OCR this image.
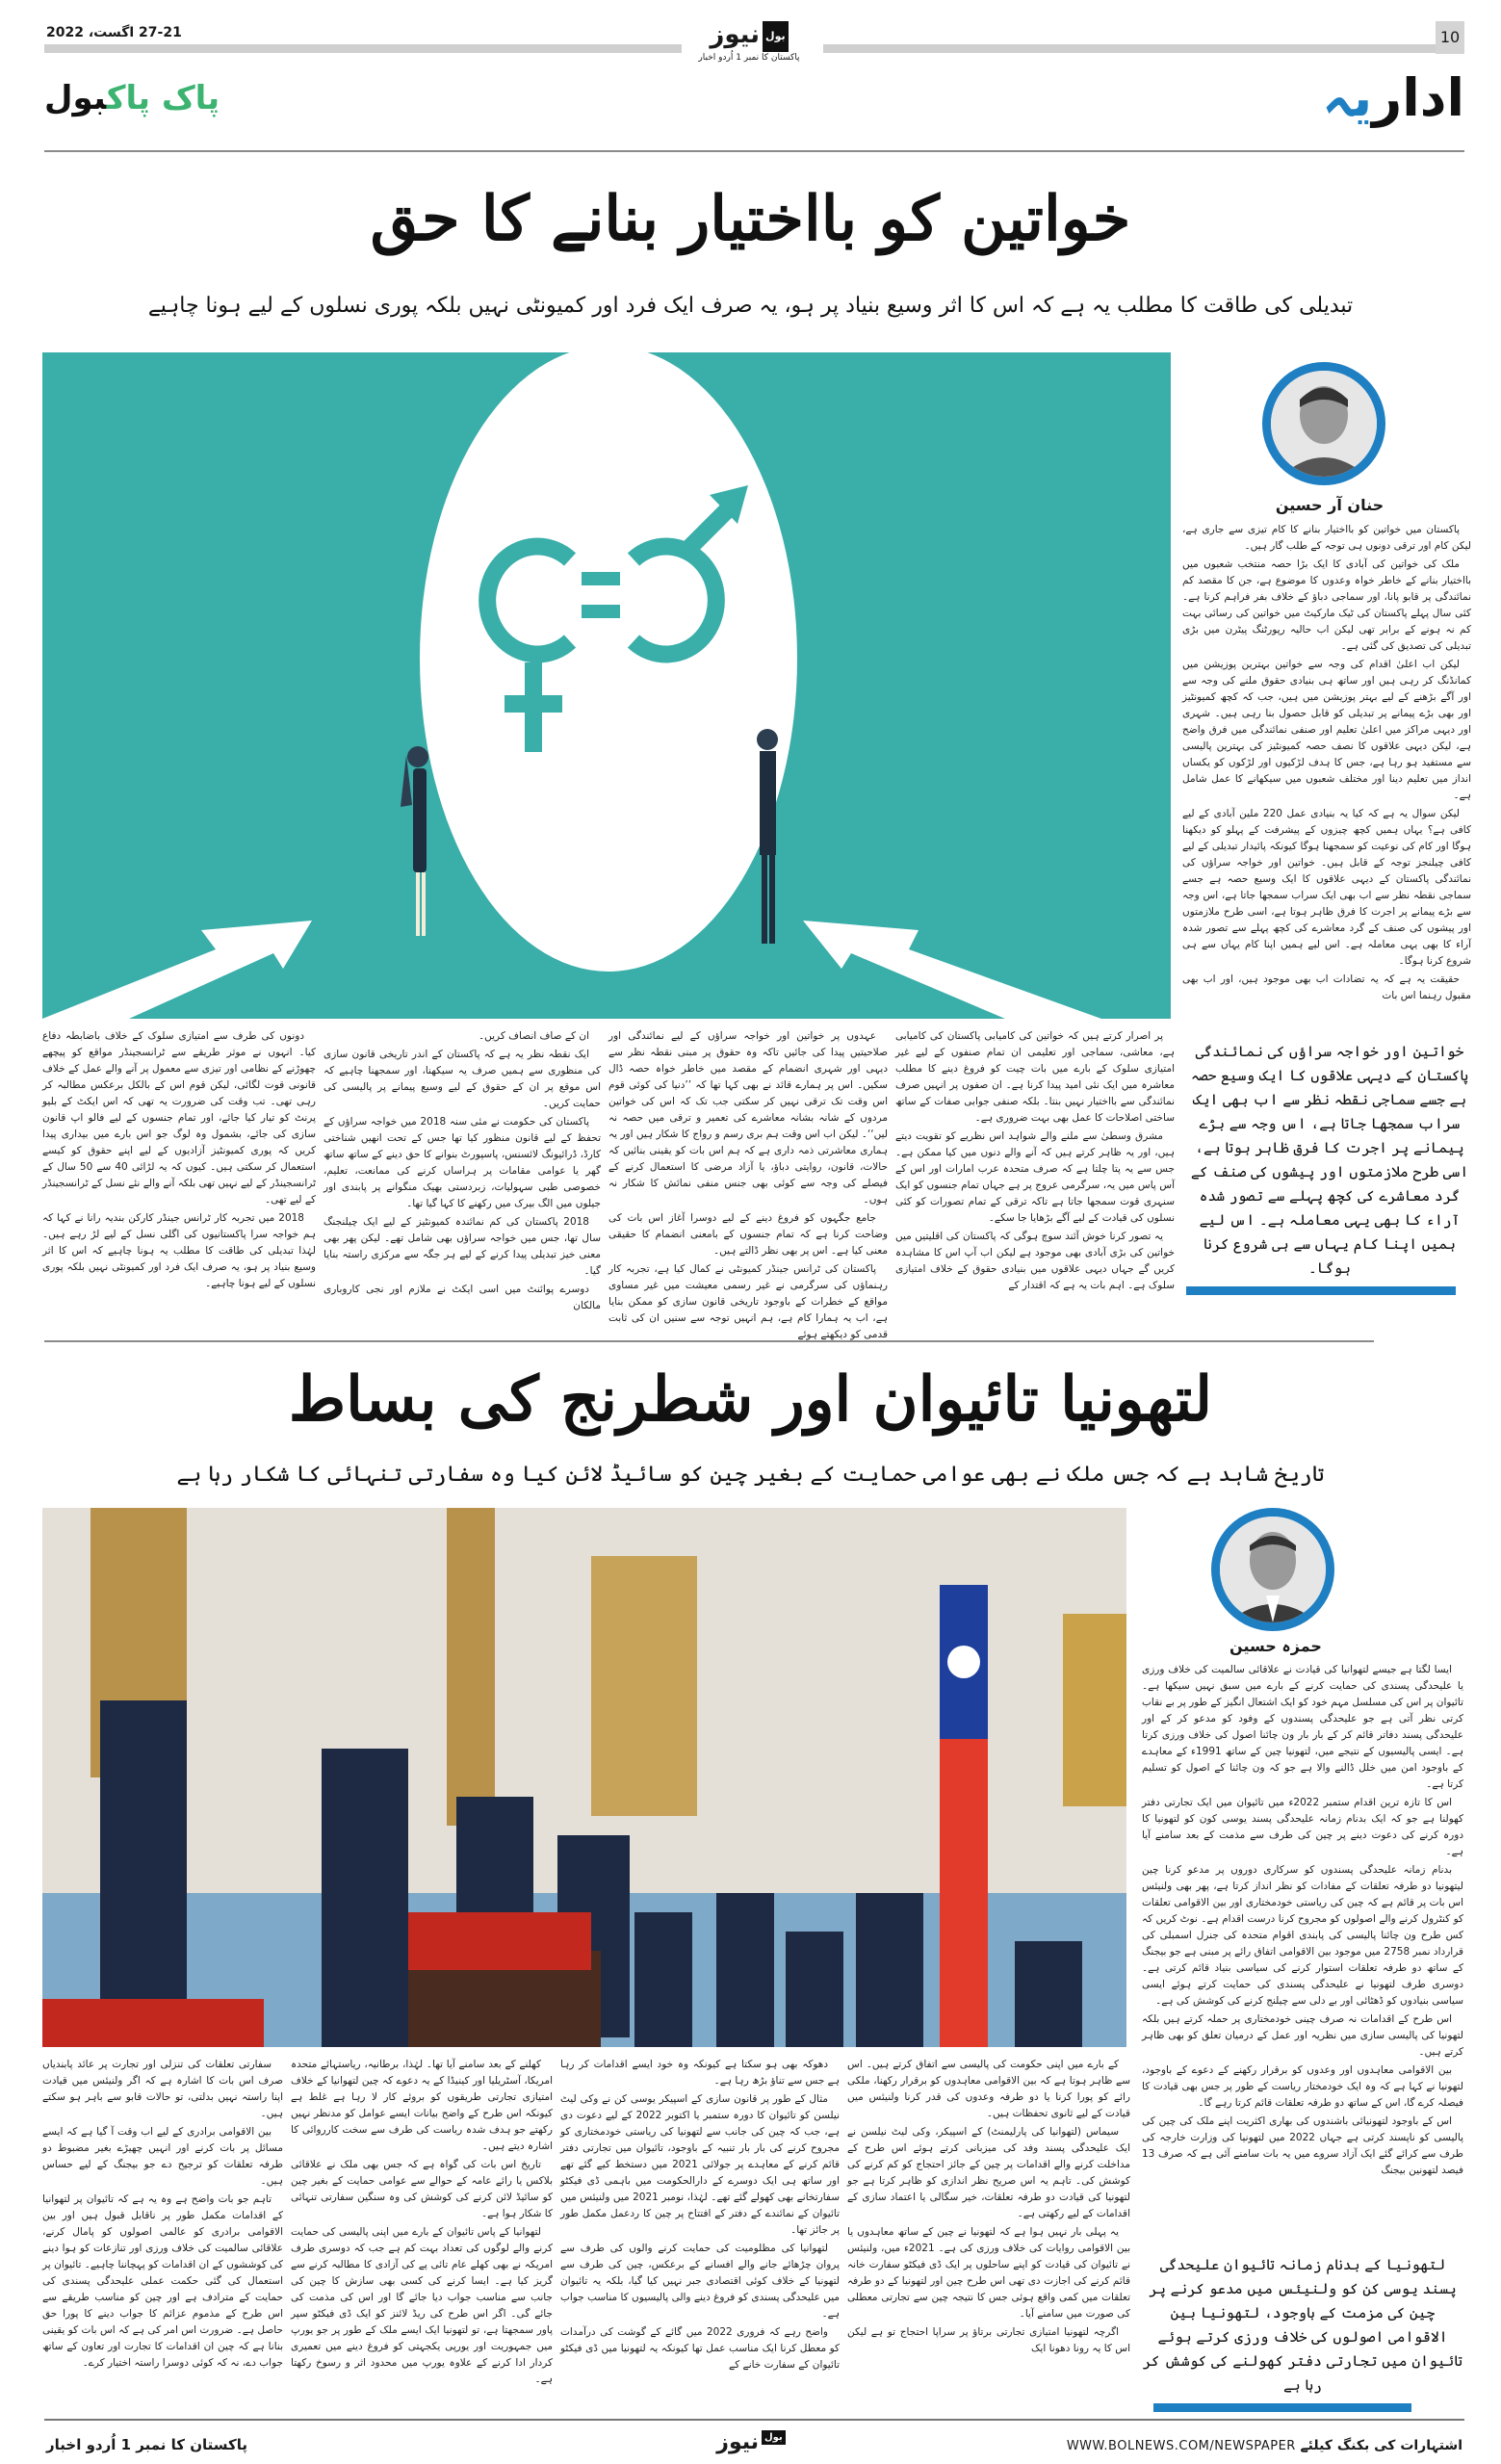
10
27-21 اگست، 2022	نیوز بول
پاکستان کا نمبر 1 اُردو اخبار
اداریہ
پاک پاکبول
خواتین کو بااختیار بنانے کا حق
تبدیلی کی طاقت کا مطلب یہ ہے کہ اس کا اثر وسیع بنیاد پر ہو، یہ صرف ایک فرد اور کمیونٹی نہیں بلکہ پوری نسلوں کے لیے ہونا چاہیے
حنان آر حسین

پاکستان میں خواتین کو بااختیار بنانے کا کام تیزی سے جاری ہے، لیکن کام اور ترقی دونوں ہی توجہ کے طلب گار ہیں۔

ملک کی خواتین کی آبادی کا ایک بڑا حصہ منتخب شعبوں میں بااختیار بنانے کے خاطر خواہ وعدوں کا موضوع ہے، جن کا مقصد کم نمائندگی پر قابو پانا، اور سماجی دباؤ کے خلاف بفر فراہم کرنا ہے۔ کئی سال پہلے پاکستان کی ٹیک مارکیٹ میں خواتین کی رسائی بہت کم نہ ہونے کے برابر تھی لیکن اب حالیہ رپورٹنگ پیٹرن میں بڑی تبدیلی کی تصدیق کی گئی ہے۔

لیکن اب اعلیٰ اقدام کی وجہ سے خواتین بہترین پوزیشن میں کمانڈنگ کر رہی ہیں اور ساتھ ہی بنیادی حقوق ملنے کی وجہ سے اور آگے بڑھنے کے لیے بہتر پوزیشن میں ہیں، جب کہ کچھ کمیونٹیز اور بھی بڑے پیمانے پر تبدیلی کو قابل حصول بنا رہی ہیں۔ شہری اور دیہی مراکز میں اعلیٰ تعلیم اور صنفی نمائندگی میں فرق واضح ہے، لیکن دیہی علاقوں کا نصف حصہ کمیونٹیز کی بہترین پالیسی سے مستفید ہو رہا ہے، جس کا ہدف لڑکیوں اور لڑکوں کو یکساں انداز میں تعلیم دینا اور مختلف شعبوں میں سیکھانے کا عمل شامل ہے۔

لیکن سوال یہ ہے کہ کیا یہ بنیادی عمل 220 ملین آبادی کے لیے کافی ہے؟ یہاں ہمیں کچھ چیزوں کے پیشرفت کے پہلو کو دیکھنا ہوگا اور کام کی نوعیت کو سمجھنا ہوگا کیونکہ پائیدار تبدیلی کے لیے کافی چیلنجز توجہ کے قابل ہیں۔ خواتین اور خواجہ سراؤں کی نمائندگی پاکستان کے دیہی علاقوں کا ایک وسیع حصہ ہے جسے سماجی نقطہ نظر سے اب بھی ایک سراب سمجھا جاتا ہے، اس وجہ سے بڑے پیمانے پر اجرت کا فرق ظاہر ہوتا ہے، اسی طرح ملازمتوں اور پیشوں کی صنف کے گرد معاشرے کی کچھ پہلے سے تصور شدہ آراء کا بھی یہی معاملہ ہے۔ اس لیے ہمیں اپنا کام یہاں سے ہی شروع کرنا ہوگا۔

حقیقت یہ ہے کہ یہ تضادات اب بھی موجود ہیں، اور اب بھی مقبول رہنما اس بات

خواتین اور خواجہ سراؤں کی نمائندگی پاکستان کے دیہی علاقوں کا ایک وسیع حصہ ہے جسے سماجی نقطہ نظر سے اب بھی ایک سراب سمجھا جاتا ہے، اس وجہ سے بڑے پیمانے پر اجرت کا فرق ظاہر ہوتا ہے، اسی طرح ملازمتوں اور پیشوں کی صنف کے گرد معاشرے کی کچھ پہلے سے تصور شدہ آراء کا بھی یہی معاملہ ہے۔ اس لیے ہمیں اپنا کام یہاں سے ہی شروع کرنا ہوگا۔

پر اصرار کرتے ہیں کہ خواتین کی کامیابی پاکستان کی کامیابی ہے، معاشی، سماجی اور تعلیمی ان تمام صنفوں کے لیے غیر امتیازی سلوک کے بارے میں بات چیت کو فروغ دینے کا مطلب معاشرہ میں ایک نئی امید پیدا کرنا ہے۔ ان صفوں پر انہیں صرف نمائندگی سے بااختیار نہیں بنتا۔ بلکہ صنفی جوابی صفات کے ساتھ ساختی اصلاحات کا عمل بھی بہت ضروری ہے۔

مشرق وسطیٰ سے ملنے والے شواہد اس نظریے کو تقویت دیتے ہیں، اور یہ ظاہر کرتے ہیں کہ آنے والے دنوں میں کیا ممکن ہے۔ جس سے یہ پتا چلتا ہے کہ صرف متحدہ عرب امارات اور اس کے آس پاس میں یہ، سرگرمی عروج پر ہے جہاں تمام جنسوں کو ایک سنہری قوت سمجھا جاتا ہے تاکہ ترقی کے تمام تصورات کو کئی نسلوں کی قیادت کے لیے آگے بڑھایا جا سکے۔

یہ تصور کرنا خوش آئند سوچ ہوگی کہ پاکستان کی اقلیتیں میں خواتین کی بڑی آبادی بھی موجود ہے لیکن اب آپ اس کا مشاہدہ کریں گے جہاں دیہی علاقوں میں بنیادی حقوق کے خلاف امتیازی سلوک ہے۔ اہم بات یہ ہے کہ اقتدار کے

عہدوں پر خواتین اور خواجہ سراؤں کے لیے نمائندگی اور صلاحیتیں پیدا کی جائیں تاکہ وہ حقوق پر مبنی نقطہ نظر سے دیہی اور شہری انضمام کے مقصد میں خاطر خواہ حصہ ڈال سکیں۔ اس پر ہمارے قائد نے بھی کہا تھا کہ ’’دنیا کی کوئی قوم اس وقت تک ترقی نہیں کر سکتی جب تک کہ اس کی خواتین مردوں کے شانہ بشانہ معاشرے کی تعمیر و ترقی میں حصہ نہ لیں‘‘۔ لیکن اب اس وقت ہم بری رسم و رواج کا شکار ہیں اور یہ ہماری معاشرتی ذمہ داری ہے کہ ہم اس بات کو یقینی بنائیں کہ حالات، قانون، روایتی دباؤ، یا آزاد مرضی کا استعمال کرنے کے فیصلے کی وجہ سے کوئی بھی جنس منفی نمائش کا شکار نہ ہوں۔

جامع جگہوں کو فروغ دینے کے لیے دوسرا آغاز اس بات کی وضاحت کرنا ہے کہ تمام جنسوں کے بامعنی انضمام کا حقیقی معنی کیا ہے۔ اس پر بھی نظر ڈالتے ہیں۔

پاکستان کی ٹرانس جینڈر کمیونٹی نے کمال کیا ہے، تجربہ کار رہنماؤں کی سرگرمی نے غیر رسمی معیشت میں غیر مساوی مواقع کے خطرات کے باوجود تاریخی قانون سازی کو ممکن بنایا ہے، اب یہ ہمارا کام ہے، ہم انہیں توجہ سے سنیں ان کی ثابت قدمی کو دیکھتے ہوئے

ان کے صاف انصاف کریں۔

ایک نقطہ نظر یہ ہے کہ پاکستان کے اندر تاریخی قانون سازی کی منظوری سے ہمیں صرف یہ سیکھنا، اور سمجھنا چاہیے کہ اس موقع پر ان کے حقوق کے لیے وسیع پیمانے پر پالیسی کی حمایت کریں۔

پاکستان کی حکومت نے مئی سنہ 2018 میں خواجہ سراؤں کے تحفظ کے لیے قانون منظور کیا تھا جس کے تحت انھیں شناختی کارڈ، ڈرائیونگ لائسنس، پاسپورٹ بنوانے کا حق دینے کے ساتھ ساتھ گھر یا عوامی مقامات پر ہراساں کرنے کی ممانعت، تعلیم، خصوصی طبی سہولیات، زبردستی بھیک منگوانے پر پابندی اور جیلوں میں الگ بیرک میں رکھنے کا کہا گیا تھا۔

2018 پاکستان کی کم نمائندہ کمیونٹیز کے لیے ایک چیلنجنگ سال تھا، جس میں خواجہ سراؤں بھی شامل تھے۔ لیکن پھر بھی معنی خیز تبدیلی پیدا کرنے کے لیے ہر جگہ سے مرکزی راستہ بنایا گیا۔

دوسرے پوائنٹ میں اسی ایکٹ نے ملازم اور نجی کاروباری مالکان

دونوں کی طرف سے امتیازی سلوک کے خلاف باضابطہ دفاع کیا۔ انہوں نے موثر طریقے سے ٹرانسجینڈر مواقع کو پیچھے چھوڑنے کے نظامی اور تیزی سے معمول پر آنے والے عمل کے خلاف قانونی قوت لگائی، لیکن قوم اس کے بالکل برعکس مطالبہ کر رہی تھی۔ تب وقت کی ضرورت یہ تھی کہ اس ایکٹ کے بلیو پرنٹ کو تیار کیا جائے، اور تمام جنسوں کے لیے فالو اپ قانون سازی کی جائے، بشمول وہ لوگ جو اس بارے میں بیداری پیدا کریں کہ پوری کمیونٹیز آزادیوں کے لیے اپنے حقوق کو کیسے استعمال کر سکتی ہیں۔ کیوں کہ یہ لڑائی 40 سے 50 سال کے ٹرانسجینڈر کے لیے نہیں تھی بلکہ آنے والے نئے نسل کے ٹرانسجینڈر کے لیے تھی۔

2018 میں تجربہ کار ٹرانس جینڈر کارکن بندیہ رانا نے کہا کہ ہم خواجہ سرا پاکستانیوں کی اگلی نسل کے لیے لڑ رہے ہیں۔ لہٰذا تبدیلی کی طاقت کا مطلب یہ ہونا چاہیے کہ اس کا اثر وسیع بنیاد پر ہو، یہ صرف ایک فرد اور کمیونٹی نہیں بلکہ پوری نسلوں کے لیے ہونا چاہیے۔

لتھونیا تائیوان اور شطرنج کی بساط
تاریخ شاہد ہے کہ جس ملک نے بھی عوامی حمایت کے بغیر چین کو سائیڈ لائن کیا وہ سفارتی تنہائی کا شکار رہا ہے
حمزہ حسین

ایسا لگتا ہے جیسے لتھوانیا کی قیادت نے علاقائی سالمیت کی خلاف ورزی یا علیحدگی پسندی کی حمایت کرنے کے بارے میں سبق نہیں سیکھا ہے۔ تائیوان پر اس کی مسلسل مہم خود کو ایک اشتعال انگیز کے طور پر بے نقاب کرتی نظر آتی ہے جو علیحدگی پسندوں کے وفود کو مدعو کر کے اور علیحدگی پسند دفاتر قائم کر کے بار بار ون چائنا اصول کی خلاف ورزی کرتا ہے۔ ایسی پالیسیوں کے نتیجے میں، لتھونیا چین کے ساتھ 1991ء کے معاہدے کے باوجود امن میں خلل ڈالنے والا ہے جو کہ ون چائنا کے اصول کو تسلیم کرتا ہے۔

اس کا تازہ ترین اقدام ستمبر 2022ء میں تائیوان میں ایک تجارتی دفتر کھولنا ہے جو کہ ایک بدنام زمانہ علیحدگی پسند یوسی کون کو لتھونیا کا دورہ کرنے کی دعوت دینے پر چین کی طرف سے مذمت کے بعد سامنے آیا ہے۔

بدنام زمانہ علیحدگی پسندوں کو سرکاری دوروں پر مدعو کرنا چین لیتھونیا دو طرفہ تعلقات کے مفادات کو نظر انداز کرتا ہے، پھر بھی ولنیئس اس بات پر قائم ہے کہ چین کی ریاستی خودمختاری اور بین الاقوامی تعلقات کو کنٹرول کرنے والے اصولوں کو مجروح کرنا درست اقدام ہے۔ نوٹ کریں کہ کس طرح ون چائنا پالیسی کی پابندی اقوام متحدہ کی جنرل اسمبلی کی قرارداد نمبر 2758 میں موجود بین الاقوامی اتفاق رائے پر مبنی ہے جو بیجنگ کے ساتھ دو طرفہ تعلقات استوار کرنے کی سیاسی بنیاد قائم کرتی ہے۔ دوسری طرف لتھونیا نے علیحدگی پسندی کی حمایت کرتے ہوئے ایسی سیاسی بنیادوں کو ڈھٹائی اور بے دلی سے چیلنج کرنے کی کوشش کی ہے۔

اس طرح کے اقدامات نہ صرف چینی خودمختاری پر حملہ کرتے ہیں بلکہ لتھونیا کی پالیسی سازی میں نظریہ اور عمل کے درمیان تعلق کو بھی ظاہر کرتے ہیں۔

بین الاقوامی معاہدوں اور وعدوں کو برقرار رکھنے کے دعوے کے باوجود، لتھونیا نے کہا ہے کہ وہ ایک خودمختار ریاست کے طور پر جس بھی قیادت کا فیصلہ کرے گا، اس کے ساتھ دو طرفہ تعلقات قائم کرتا رہے گا۔

اس کے باوجود لتھونیائی باشندوں کی بھاری اکثریت اپنے ملک کی چین کی پالیسی کو ناپسند کرتی ہے جہاں 2022 میں لتھونیا کی وزارت خارجہ کی طرف سے کرائے گئے ایک آزاد سروے میں یہ بات سامنے آئی ہے کہ صرف 13 فیصد لتھونین بیجنگ

لتھونیا کے بدنام زمانہ تائیوان علیحدگی پسند یوسی کن کو ولنیئس میں مدعو کرنے پر چین کی مزمت کے باوجود، لتھونیا بین الاقوامی اصولوں کی خلاف ورزی کرتے ہوئے تائیوان میں تجارتی دفتر کھولنے کی کوشش کر رہا ہے

کے بارے میں اپنی حکومت کی پالیسی سے اتفاق کرتے ہیں۔ اس سے ظاہر ہوتا ہے کہ بین الاقوامی معاہدوں کو برقرار رکھنا، ملکی رائے کو پورا کرنا یا دو طرفہ وعدوں کی قدر کرنا ولنیئس میں قیادت کے لیے ثانوی تحفظات ہیں۔

سیماس (لتھوانیا کی پارلیمنٹ) کے اسپیکر، وکی لیٹ نیلسن نے ایک علیحدگی پسند وفد کی میزبانی کرتے ہوئے اس طرح کے مداخلت کرنے والے اقدامات پر چین کے جائز احتجاج کو کم کرنے کی کوشش کی۔ تاہم یہ اس صریح نظر اندازی کو ظاہر کرتا ہے جو لتھونیا کی قیادت دو طرفہ تعلقات، خیر سگالی یا اعتماد سازی کے اقدامات کے لیے رکھتی ہے۔

یہ پہلی بار نہیں ہوا ہے کہ لتھونیا نے چین کے ساتھ معاہدوں یا بین الاقوامی روایات کی خلاف ورزی کی ہے۔ 2021ء میں، ولنیئس نے تائیوان کی قیادت کو اپنے ساحلوں پر ایک ڈی فیکٹو سفارت خانہ قائم کرنے کی اجازت دی تھی اس طرح چین اور لتھونیا کے دو طرفہ تعلقات میں کمی واقع ہوئی جس کا نتیجہ چین سے تجارتی معطلی کی صورت میں سامنے آیا۔

اگرچہ لتھونیا امتیازی تجارتی برتاؤ پر سراپا احتجاج تو ہے لیکن اس کا یہ رونا دھونا ایک

دھوکہ بھی ہو سکتا ہے کیونکہ وہ خود ایسے اقدامات کر رہا ہے جس سے تناؤ بڑھ رہا ہے۔

مثال کے طور پر قانون سازی کے اسپیکر یوسی کن نے وکی لیٹ نیلسن کو تائیوان کا دورہ ستمبر یا اکتوبر 2022 کے لیے دعوت دی ہے، جب کہ چین کی جانب سے لتھونیا کی ریاستی خودمختاری کو مجروح کرنے کی بار بار تنبیہ کے باوجود، تائیوان میں تجارتی دفتر قائم کرنے کے معاہدے پر جولائی 2021 میں دستخط کیے گئے تھے اور ساتھ ہی ایک دوسرے کے دارالحکومت میں باہمی ڈی فیکٹو سفارتخانے بھی کھولے گئے تھے۔ لہٰذا، نومبر 2021 میں ولنیئس میں تائیوان کے نمائندے کے دفتر کے افتتاح پر چین کا ردعمل مکمل طور پر جائز تھا۔

لتھوانیا کی مظلومیت کی حمایت کرنے والوں کی طرف سے پروان چڑھائے جانے والے افسانے کے برعکس، چین کی طرف سے لتھونیا کے خلاف کوئی اقتصادی جبر نہیں کیا گیا، بلکہ یہ تائیوان میں علیحدگی پسندی کو فروغ دینے والی پالیسیوں کا مناسب جواب ہے۔

واضح رہے کہ فروری 2022 میں گائے کے گوشت کی درآمدات کو معطل کرنا ایک مناسب عمل تھا کیونکہ یہ لتھونیا میں ڈی فیکٹو تائیوان کے سفارت خانے کے

کھلنے کے بعد سامنے آیا تھا۔ لہٰذا، برطانیہ، ریاستہائے متحدہ امریکا، آسٹریلیا اور کینیڈا کے یہ دعوے کہ چین لتھوانیا کے خلاف امتیازی تجارتی طریقوں کو بروئے کار لا رہا ہے غلط ہے کیونکہ اس طرح کے واضح بیانات ایسے عوامل کو مدنظر نہیں رکھتے جو ہدف شدہ ریاست کی طرف سے سخت کارروائی کا اشارہ دیتے ہیں۔

تاریخ اس بات کی گواہ ہے کہ جس بھی ملک نے علاقائی بلاکس یا رائے عامہ کے حوالے سے عوامی حمایت کے بغیر چین کو سائیڈ لائن کرنے کی کوشش کی وہ سنگین سفارتی تنہائی کا شکار ہوا ہے۔

لتھوانیا کے پاس تائیوان کے بارے میں اپنی پالیسی کی حمایت کرنے والے لوگوں کی تعداد بہت کم ہے جب کہ دوسری طرف امریکہ نے بھی کھلے عام تائی پے کی آزادی کا مطالبہ کرنے سے گریز کیا ہے۔ ایسا کرنے کی کسی بھی سازش کا چین کی جانب سے مناسب جواب دیا جائے گا اور اس کی مذمت کی جائے گی۔ اگر اس طرح کی ریڈ لائنز کو ایک ڈی فیکٹو سپر پاور سمجھتا ہے، تو لتھونیا ایک ایسے ملک کے طور پر جو یورپ میں جمہوریت اور یورپی یکجہتی کو فروغ دینے میں تعمیری کردار ادا کرنے کے علاوہ یورپ میں محدود اثر و رسوخ رکھتا ہے۔

سفارتی تعلقات کی تنزلی اور تجارت پر عائد پابندیاں صرف اس بات کا اشارہ ہے کہ اگر ولنیئس میں قیادت اپنا راستہ نہیں بدلتی، تو حالات قابو سے باہر ہو سکتے ہیں۔

بین الاقوامی برادری کے لیے اب وقت آ گیا ہے کہ ایسے مسائل پر بات کرنے اور انہیں چھیڑے بغیر مضبوط دو طرفہ تعلقات کو ترجیح دے جو بیجنگ کے لیے حساس ہیں۔

تاہم جو بات واضح ہے وہ یہ ہے کہ تائیوان پر لتھوانیا کے اقدامات مکمل طور پر ناقابل قبول ہیں اور بین الاقوامی برادری کو عالمی اصولوں کو پامال کرنے، علاقائی سالمیت کی خلاف ورزی اور تنازعات کو ہوا دینے کی کوششوں کے ان اقدامات کو پہچاننا چاہیے۔ تائیوان پر استعمال کی گئی حکمت عملی علیحدگی پسندی کی حمایت کے مترادف ہے اور چین کو مناسب طریقے سے اس طرح کے مذموم عزائم کا جواب دینے کا پورا حق حاصل ہے۔ ضرورت اس امر کی ہے کہ اس بات کو یقینی بنانا ہے کہ چین ان اقدامات کا تجارت اور تعاون کے ساتھ جواب دے، نہ کہ کوئی دوسرا راستہ اختیار کرے۔

پاکستان کا نمبر 1 اُردو اخبار	نیوز بول
WWW.BOLNEWS.COM/NEWSPAPER اشتہارات کی بکنگ کیلئے
